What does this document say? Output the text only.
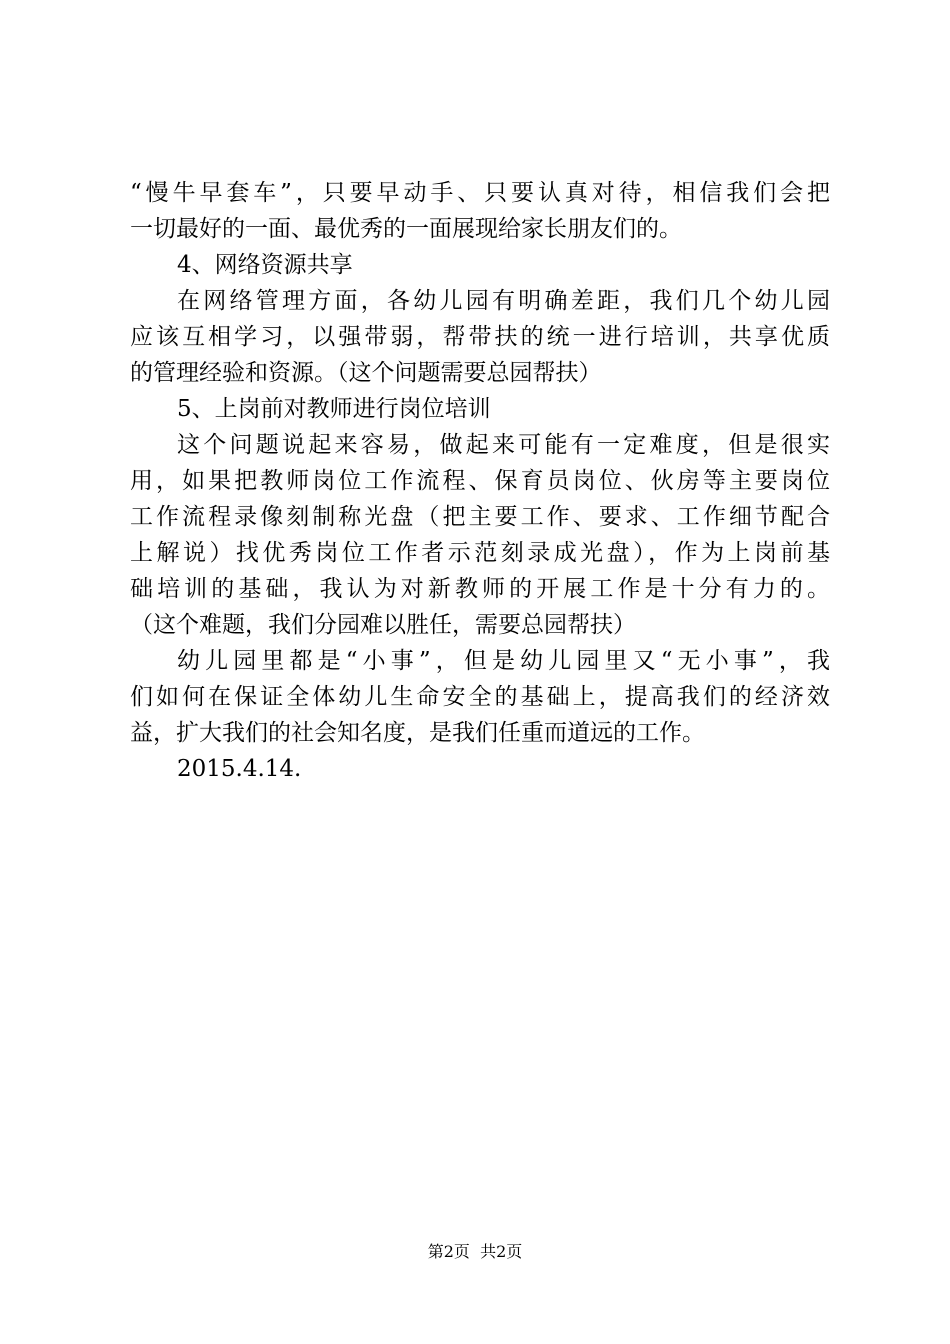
“慢牛早套车”，只要早动手、只要认真对待，相信我们会把
一切最好的一面、最优秀的一面展现给家长朋友们的。
4、网络资源共享
在网络管理方面，各幼儿园有明确差距，我们几个幼儿园
应该互相学习，以强带弱，帮带扶的统一进行培训，共享优质
的管理经验和资源。（这个问题需要总园帮扶）
5、上岗前对教师进行岗位培训
这个问题说起来容易，做起来可能有一定难度，但是很实
用，如果把教师岗位工作流程、保育员岗位、伙房等主要岗位
工作流程录像刻制称光盘（把主要工作、要求、工作细节配合
上解说）找优秀岗位工作者示范刻录成光盘），作为上岗前基
础培训的基础，我认为对新教师的开展工作是十分有力的。
（这个难题，我们分园难以胜任，需要总园帮扶）
幼儿园里都是“小事”，但是幼儿园里又“无小事”，我
们如何在保证全体幼儿生命安全的基础上，提高我们的经济效
益，扩大我们的社会知名度，是我们任重而道远的工作。
2015.4.14.
第2页  共2页
